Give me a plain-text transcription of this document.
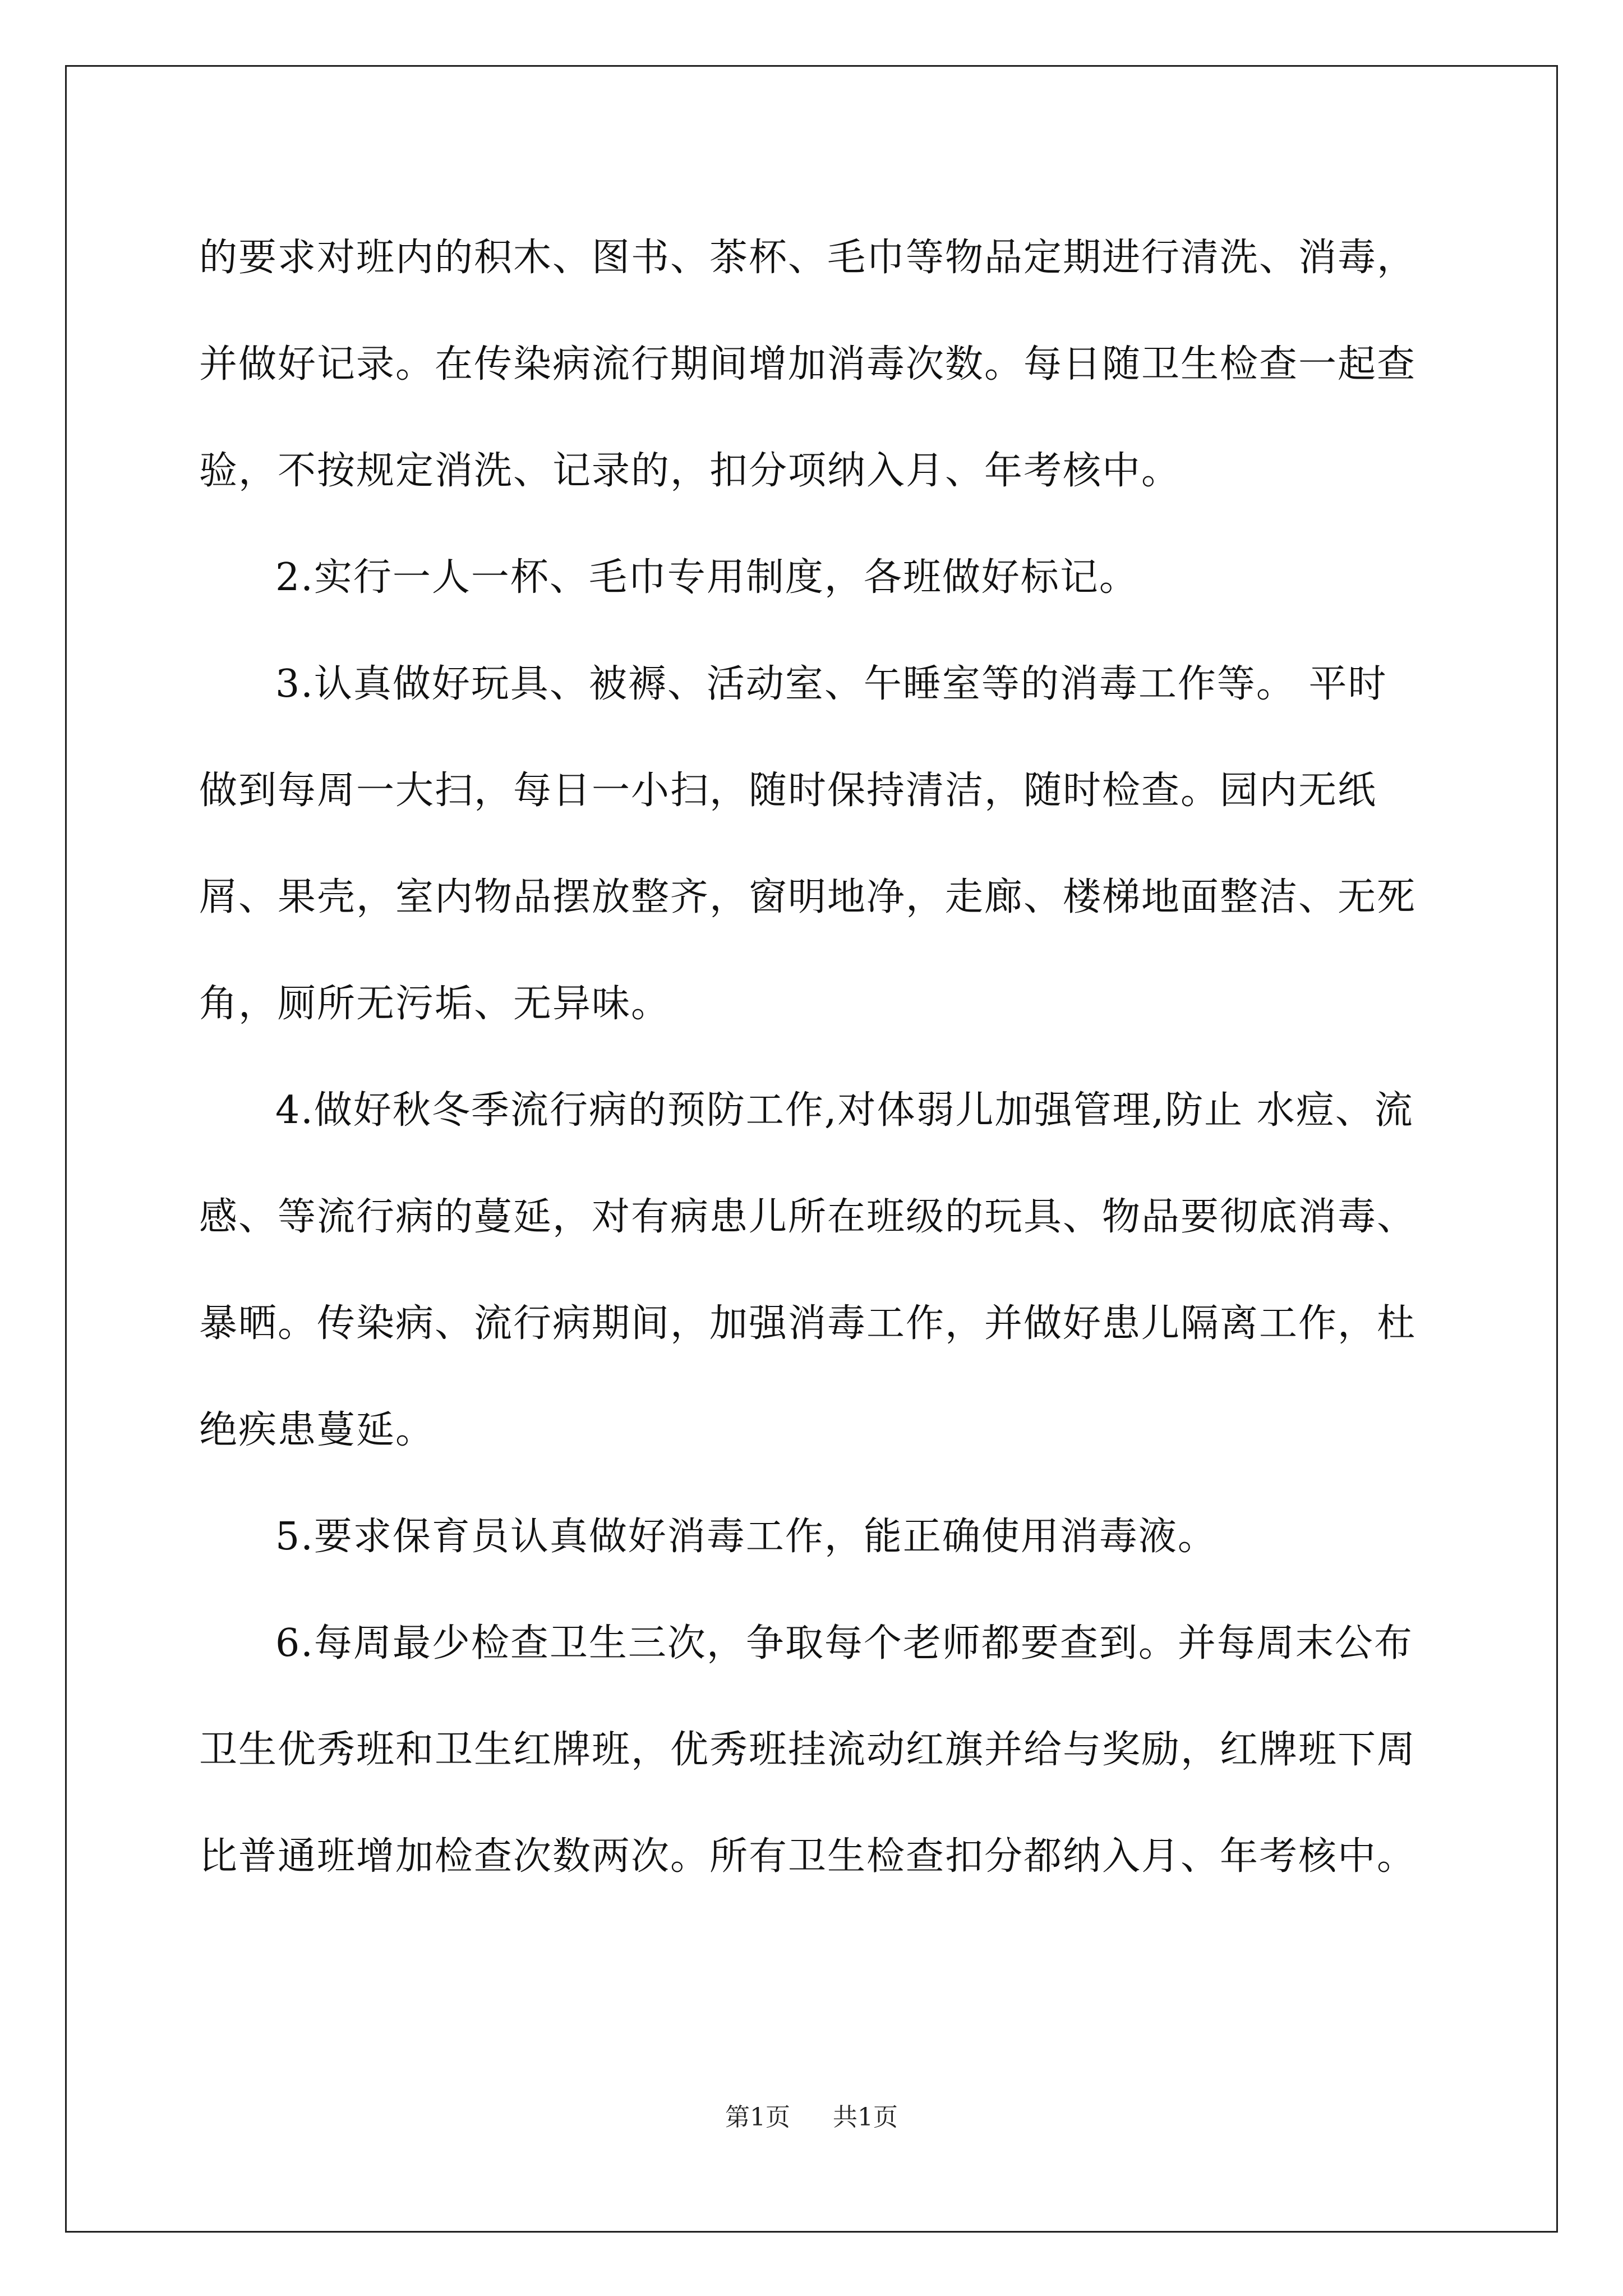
的要求对班内的积木、图书、茶杯、毛巾等物品定期进行清洗、消毒，并做好记录。在传染病流行期间增加消毒次数。每日随卫生检查一起查验，不按规定消洗、记录的，扣分项纳入月、年考核中。

2.实行一人一杯、毛巾专用制度，各班做好标记。

3.认真做好玩具、被褥、活动室、午睡室等的消毒工作等。 平时做到每周一大扫，每日一小扫，随时保持清洁，随时检查。园内无纸屑、果壳，室内物品摆放整齐，窗明地净，走廊、楼梯地面整洁、无死角，厕所无污垢、无异味。

4.做好秋冬季流行病的预防工作,对体弱儿加强管理,防止 水痘、流感、等流行病的蔓延，对有病患儿所在班级的玩具、物品要彻底消毒、暴晒。传染病、流行病期间，加强消毒工作，并做好患儿隔离工作，杜绝疾患蔓延。

5.要求保育员认真做好消毒工作，能正确使用消毒液。

6.每周最少检查卫生三次，争取每个老师都要查到。并每周末公布卫生优秀班和卫生红牌班，优秀班挂流动红旗并给与奖励，红牌班下周比普通班增加检查次数两次。所有卫生检查扣分都纳入月、年考核中。

第1页 共1页
